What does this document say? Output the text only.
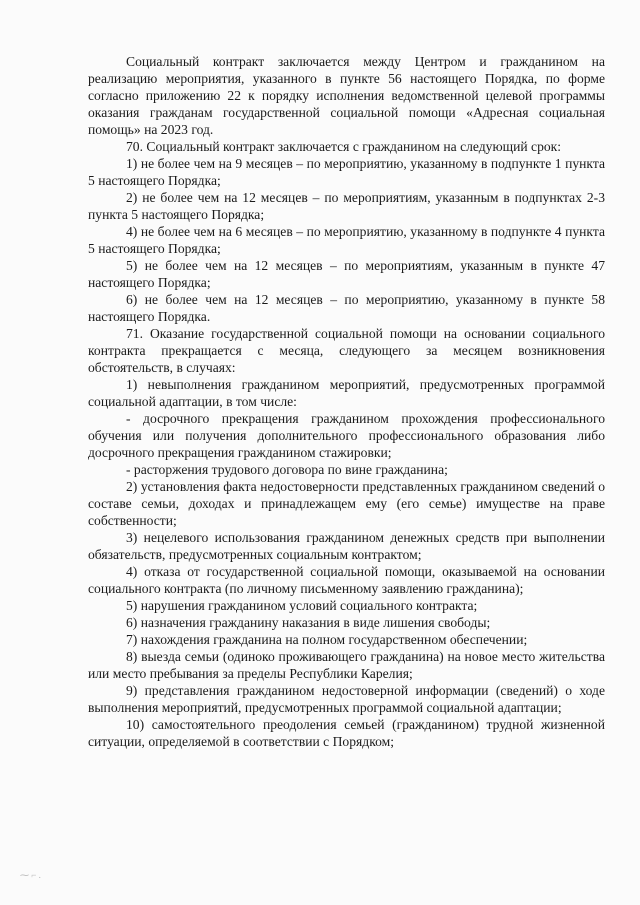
⁓ ⌐ .

Социальный контракт заключается между Центром и гражданином на реализацию мероприятия, указанного в пункте 56 настоящего Порядка, по форме согласно приложению 22 к порядку исполнения ведомственной целевой программы оказания гражданам государственной социальной помощи «Адресная социальная помощь» на 2023 год.

70. Социальный контракт заключается с гражданином на следующий срок:

1) не более чем на 9 месяцев – по мероприятию, указанному в подпункте 1 пункта 5 настоящего Порядка;

2) не более чем на 12 месяцев – по мероприятиям, указанным в подпунктах 2-3 пункта 5 настоящего Порядка;

4) не более чем на 6 месяцев – по мероприятию, указанному в подпункте 4 пункта 5 настоящего Порядка;

5) не более чем на 12 месяцев – по мероприятиям, указанным в пункте 47 настоящего Порядка;

6) не более чем на 12 месяцев – по мероприятию, указанному в пункте 58 настоящего Порядка.

71. Оказание государственной социальной помощи на основании социального контракта прекращается с месяца, следующего за месяцем возникновения обстоятельств, в случаях:

1) невыполнения гражданином мероприятий, предусмотренных программой социальной адаптации, в том числе:

- досрочного прекращения гражданином прохождения профессионального обучения или получения дополнительного профессионального образования либо досрочного прекращения гражданином стажировки;

- расторжения трудового договора по вине гражданина;

2) установления факта недостоверности представленных гражданином сведений о составе семьи, доходах и принадлежащем ему (его семье) имуществе на праве собственности;

3) нецелевого использования гражданином денежных средств при выполнении обязательств, предусмотренных социальным контрактом;

4) отказа от государственной социальной помощи, оказываемой на основании социального контракта (по личному письменному заявлению гражданина);

5) нарушения гражданином условий социального контракта;

6) назначения гражданину наказания в виде лишения свободы;

7) нахождения гражданина на полном государственном обеспечении;

8) выезда семьи (одиноко проживающего гражданина) на новое место жительства или место пребывания за пределы Республики Карелия;

9) представления гражданином недостоверной информации (сведений) о ходе выполнения мероприятий, предусмотренных программой социальной адаптации;

10) самостоятельного преодоления семьей (гражданином) трудной жизненной ситуации, определяемой в соответствии с Порядком;
